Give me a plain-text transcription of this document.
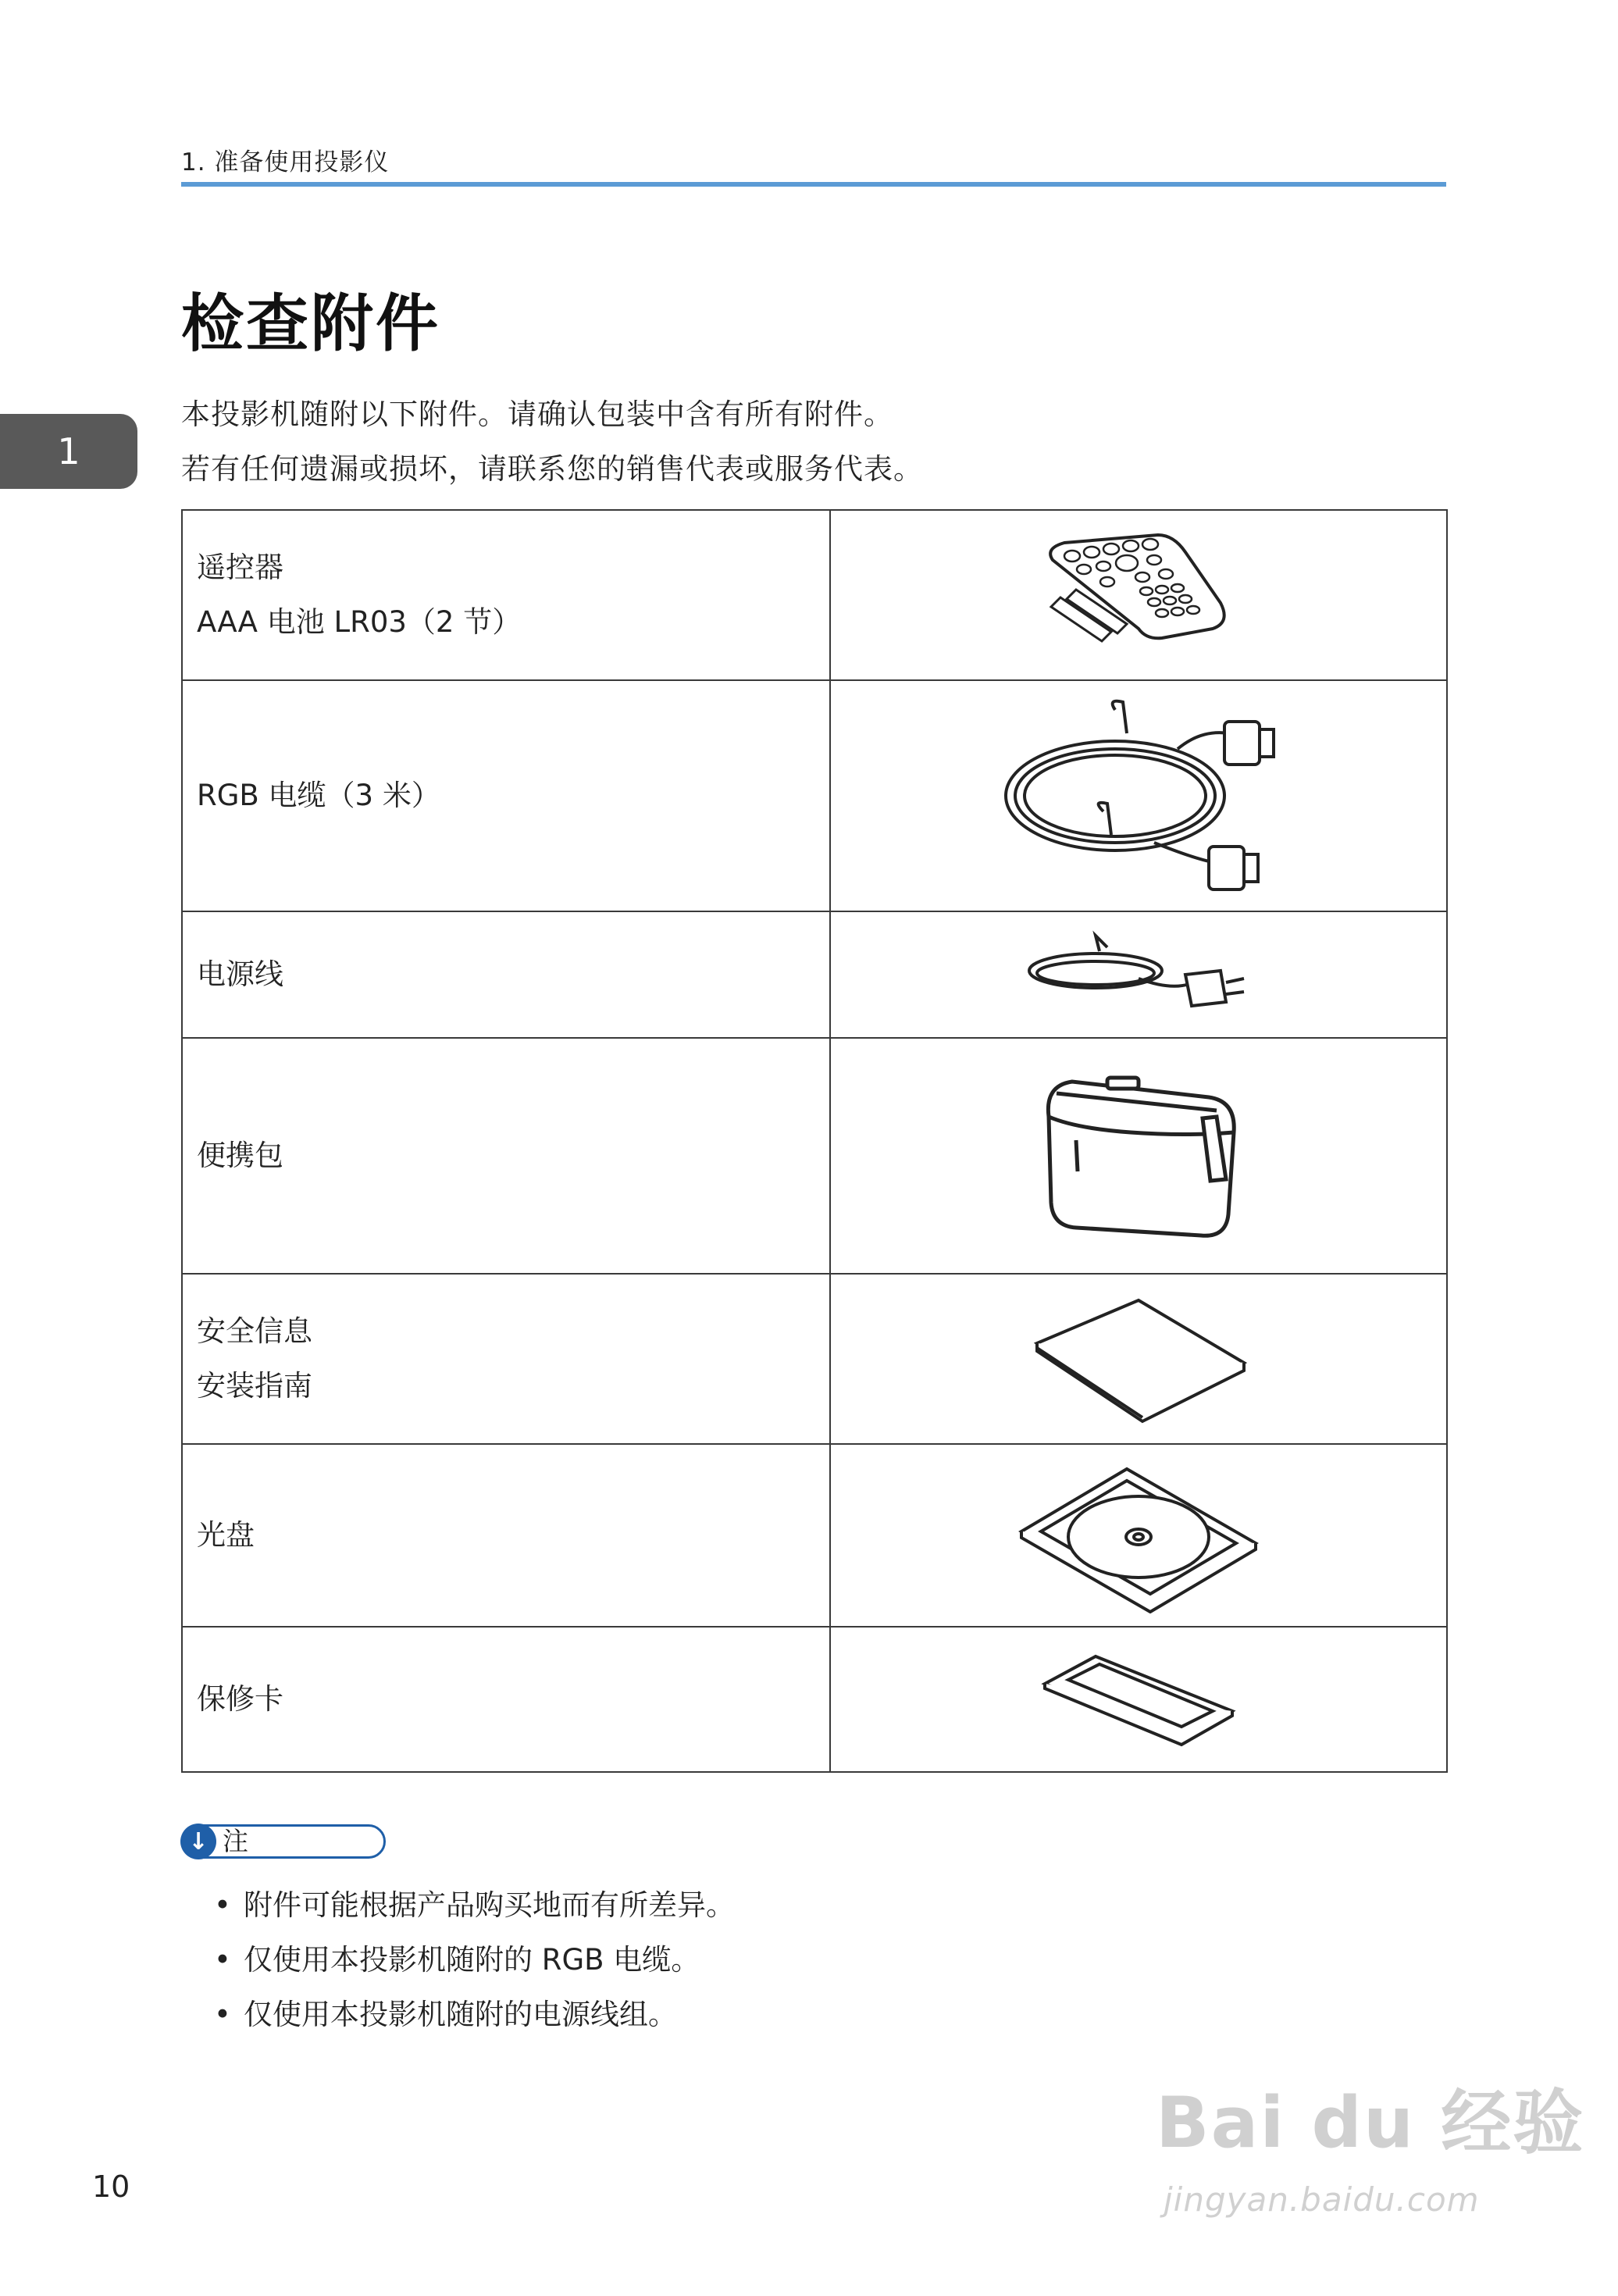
1. 准备使用投影仪
1
检查附件
本投影机随附以下附件。请确认包装中含有所有附件。
若有任何遗漏或损坏，请联系您的销售代表或服务代表。
遥控器
AAA 电池 LR03（2 节）

RGB 电缆（3 米）

电源线

便携包

安全信息
安装指南

光盘

保修卡

↓ 注
• 附件可能根据产品购买地而有所差异。
• 仅使用本投影机随附的 RGB 电缆。
• 仅使用本投影机随附的电源线组。
10
Bai du 经验
jingyan.baidu.com
